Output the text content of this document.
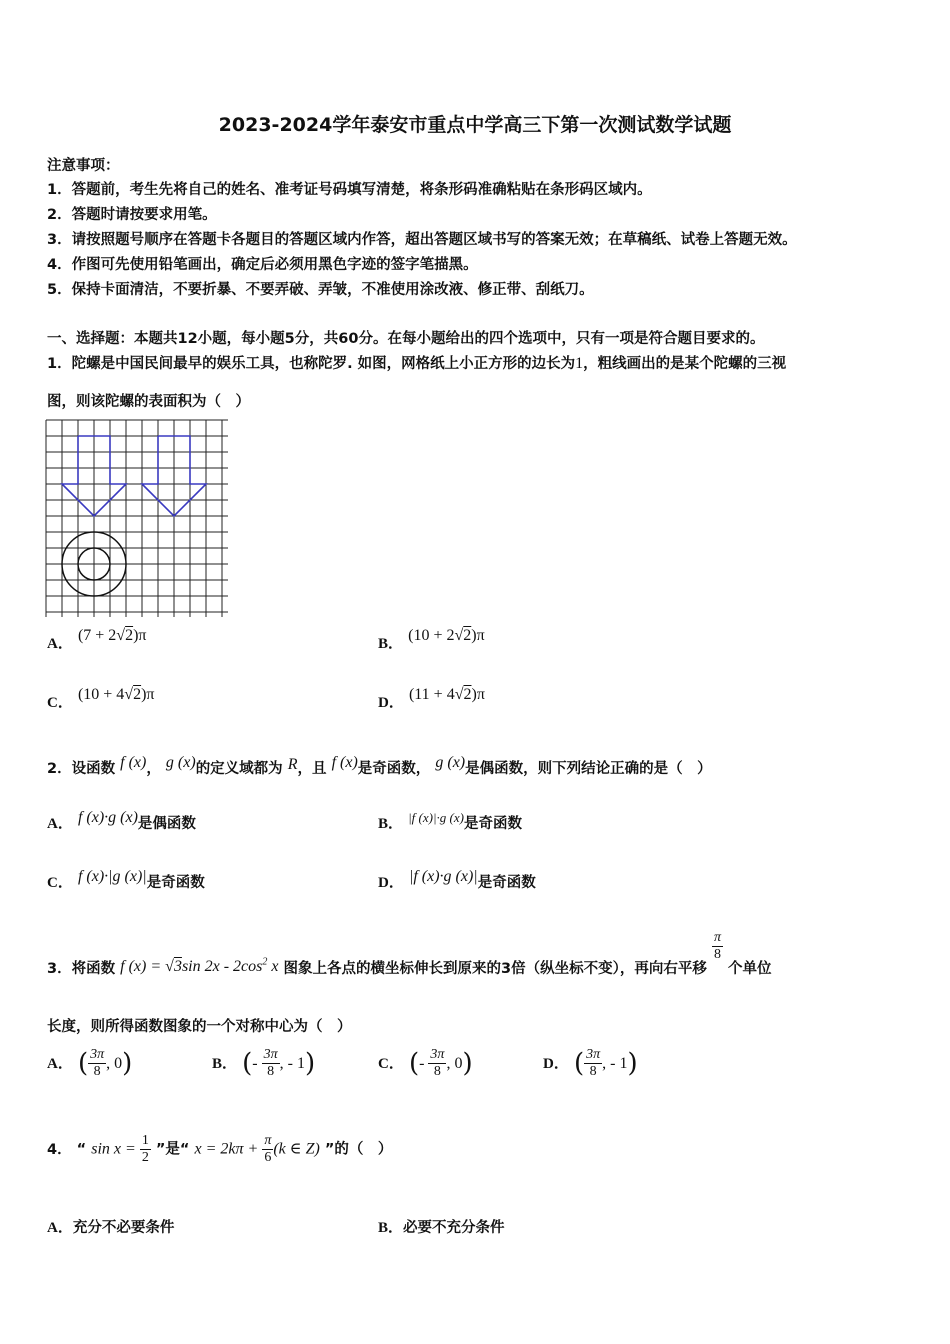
2023-2024学年泰安市重点中学高三下第一次测试数学试题
注意事项：
1．答题前，考生先将自己的姓名、准考证号码填写清楚，将条形码准确粘贴在条形码区域内。
2．答题时请按要求用笔。
3．请按照题号顺序在答题卡各题目的答题区域内作答，超出答题区域书写的答案无效；在草稿纸、试卷上答题无效。
4．作图可先使用铅笔画出，确定后必须用黑色字迹的签字笔描黑。
5．保持卡面清洁，不要折暴、不要弄破、弄皱，不准使用涂改液、修正带、刮纸刀。
一、选择题：本题共12小题，每小题5分，共60分。在每小题给出的四个选项中，只有一项是符合题目要求的。
1．陀螺是中国民间最早的娱乐工具，也称陀罗. 如图，网格纸上小正方形的边长为1，粗线画出的是某个陀螺的三视
图，则该陀螺的表面积为（　）
A． (7 + 2√2)π	B． (10 + 2√2)π
C． (10 + 4√2)π	D． (11 + 4√2)π
2．设函数 f (x)， g (x)的定义域都为 R，且 f (x)是奇函数， g (x)是偶函数，则下列结论正确的是（　）
A． f (x)·g (x)是偶函数	B． $^{|f (x)|\cdot g (x)}$是奇函数
C． f (x)·|g (x)|是奇函数	D． |f (x)·g (x)|是奇函数
3．将函数 f (x) = √3sin $2x - 2\cos^2$ x 图象上各点的横坐标伸长到原来的3倍（纵坐标不变），再向右平移
$\frac{\pi}{8}$
个单位
长度，则所得函数图象的一个对称中心为（　）
A． ( $\frac{3\pi}{8}$ , 0)	B． (- $\frac{3\pi}{8}$ , - 1)	C． (- $\frac{3\pi}{8}$ , 0)	D． ( $\frac{3\pi}{8}$ , - 1)
4． “ $\sin x = \frac{1}{2}$ ”是“ $x = 2k\pi + \frac{\pi}{6} (k$ ∈ Z) ”的（　）
A．充分不必要条件	B．必要不充分条件
